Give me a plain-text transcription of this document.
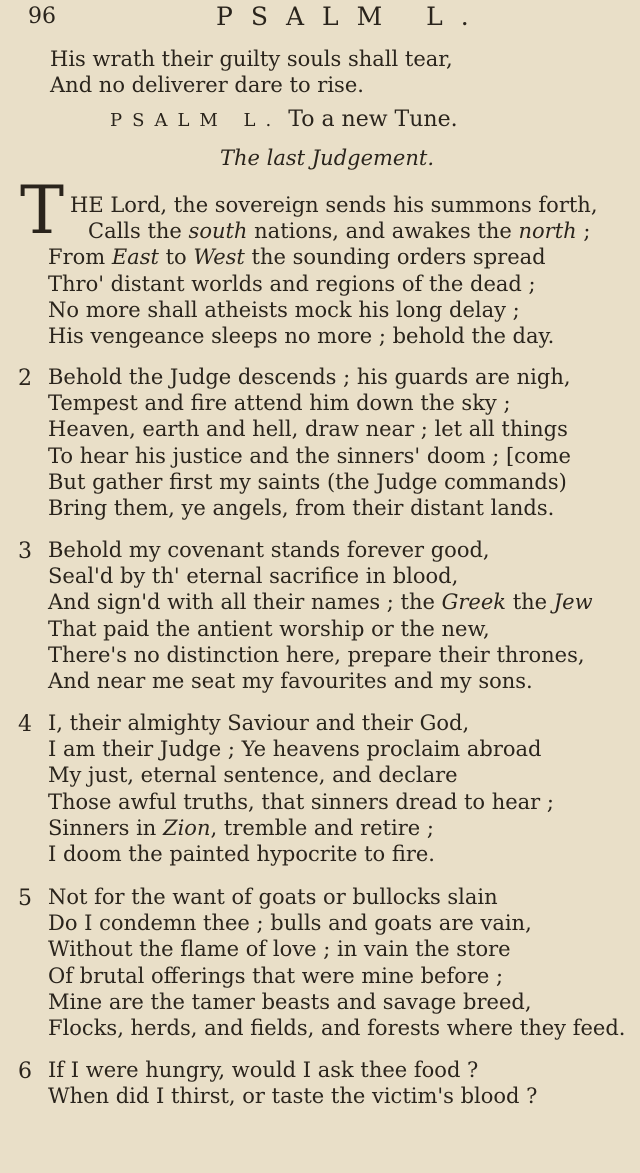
96	PSALM L.
His wrath their guilty souls shall tear,
And no deliverer dare to rise.
PSALM L. To a new Tune.
The last Judgement.
T HE Lord, the sovereign sends his summons forth,
Calls the south nations, and awakes the north ;
From East to West the sounding orders spread
Thro' distant worlds and regions of the dead ;
No more shall atheists mock his long delay ;
His vengeance sleeps no more ; behold the day.
2 Behold the Judge descends ; his guards are nigh,
Tempest and fire attend him down the sky ;
Heaven, earth and hell, draw near ; let all things
To hear his justice and the sinners' doom ; [come
But gather first my saints (the Judge commands)
Bring them, ye angels, from their distant lands.
3 Behold my covenant stands forever good,
Seal'd by th' eternal sacrifice in blood,
And sign'd with all their names ; the Greek the Jew
That paid the antient worship or the new,
There's no distinction here, prepare their thrones,
And near me seat my favourites and my sons.
4 I, their almighty Saviour and their God,
I am their Judge ; Ye heavens proclaim abroad
My just, eternal sentence, and declare
Those awful truths, that sinners dread to hear ;
Sinners in Zion, tremble and retire ;
I doom the painted hypocrite to fire.
5 Not for the want of goats or bullocks slain
Do I condemn thee ; bulls and goats are vain,
Without the flame of love ; in vain the store
Of brutal offerings that were mine before ;
Mine are the tamer beasts and savage breed,
Flocks, herds, and fields, and forests where they feed.
6 If I were hungry, would I ask thee food ?
When did I thirst, or taste the victim's blood ?
